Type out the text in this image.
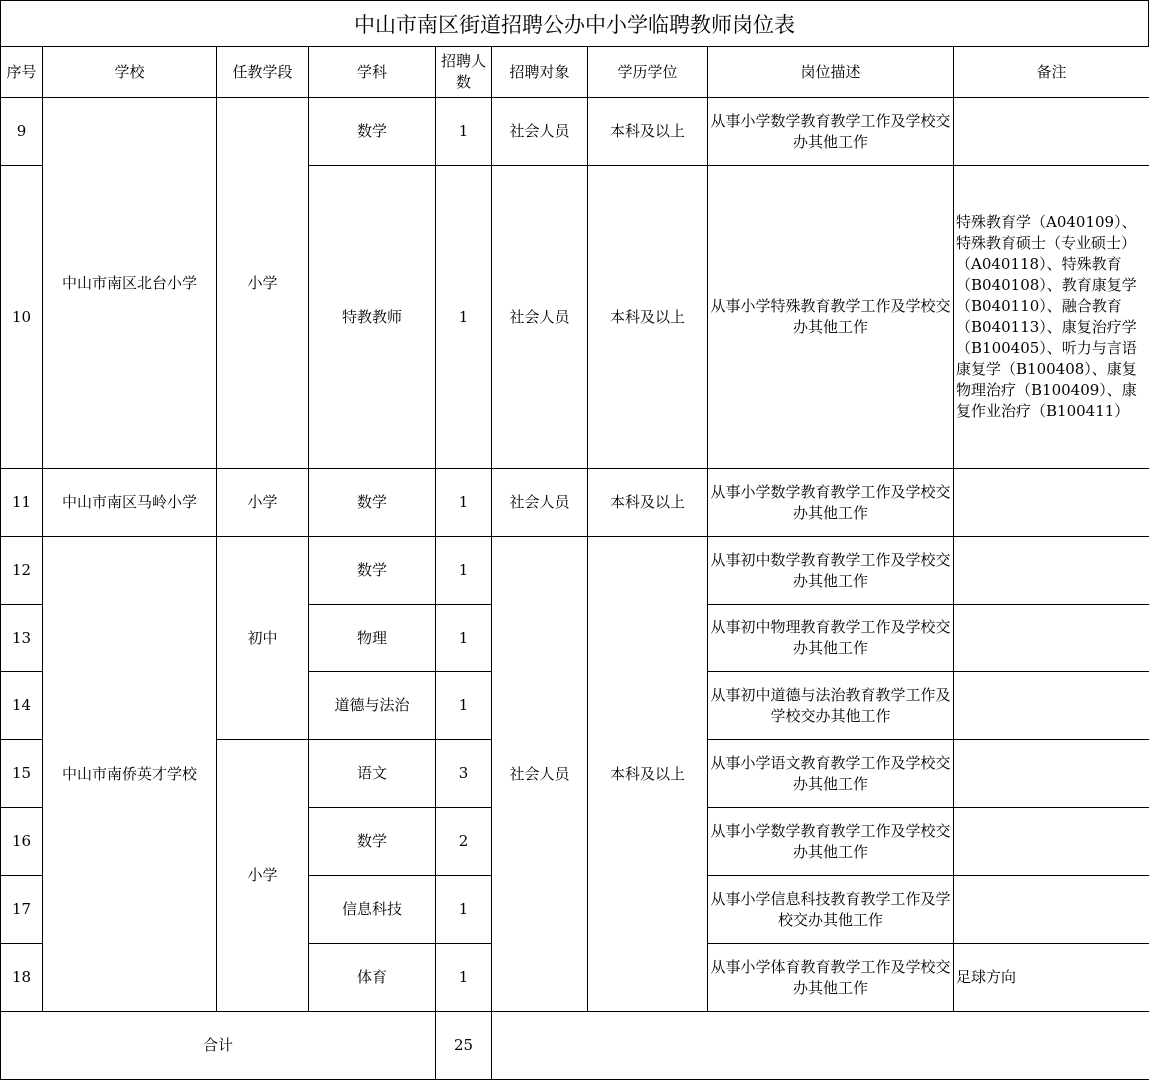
中山市南区街道招聘公办中小学临聘教师岗位表
序号	学校	任教学段	学科	招聘人数	招聘对象	学历学位	岗位描述	备注
9	中山市南区北台小学	小学	数学	1	社会人员	本科及以上	从事小学数学教育教学工作及学校交办其他工作	
10			特教教师	1	社会人员	本科及以上	从事小学特殊教育教学工作及学校交办其他工作	特殊教育学（A040109）、特殊教育硕士（专业硕士）（A040118）、特殊教育（B040108）、教育康复学（B040110）、融合教育（B040113）、康复治疗学（B100405）、听力与言语康复学（B100408）、康复物理治疗（B100409）、康复作业治疗（B100411）
11	中山市南区马岭小学	小学	数学	1	社会人员	本科及以上	从事小学数学教育教学工作及学校交办其他工作	
12	中山市南侨英才学校	初中	数学	1	社会人员	本科及以上	从事初中数学教育教学工作及学校交办其他工作	
13			物理	1			从事初中物理教育教学工作及学校交办其他工作	
14			道德与法治	1			从事初中道德与法治教育教学工作及学校交办其他工作	
15		小学	语文	3			从事小学语文教育教学工作及学校交办其他工作	
16			数学	2			从事小学数学教育教学工作及学校交办其他工作	
17			信息科技	1			从事小学信息科技教育教学工作及学校交办其他工作	
18			体育	1			从事小学体育教育教学工作及学校交办其他工作	足球方向
合计				25				
